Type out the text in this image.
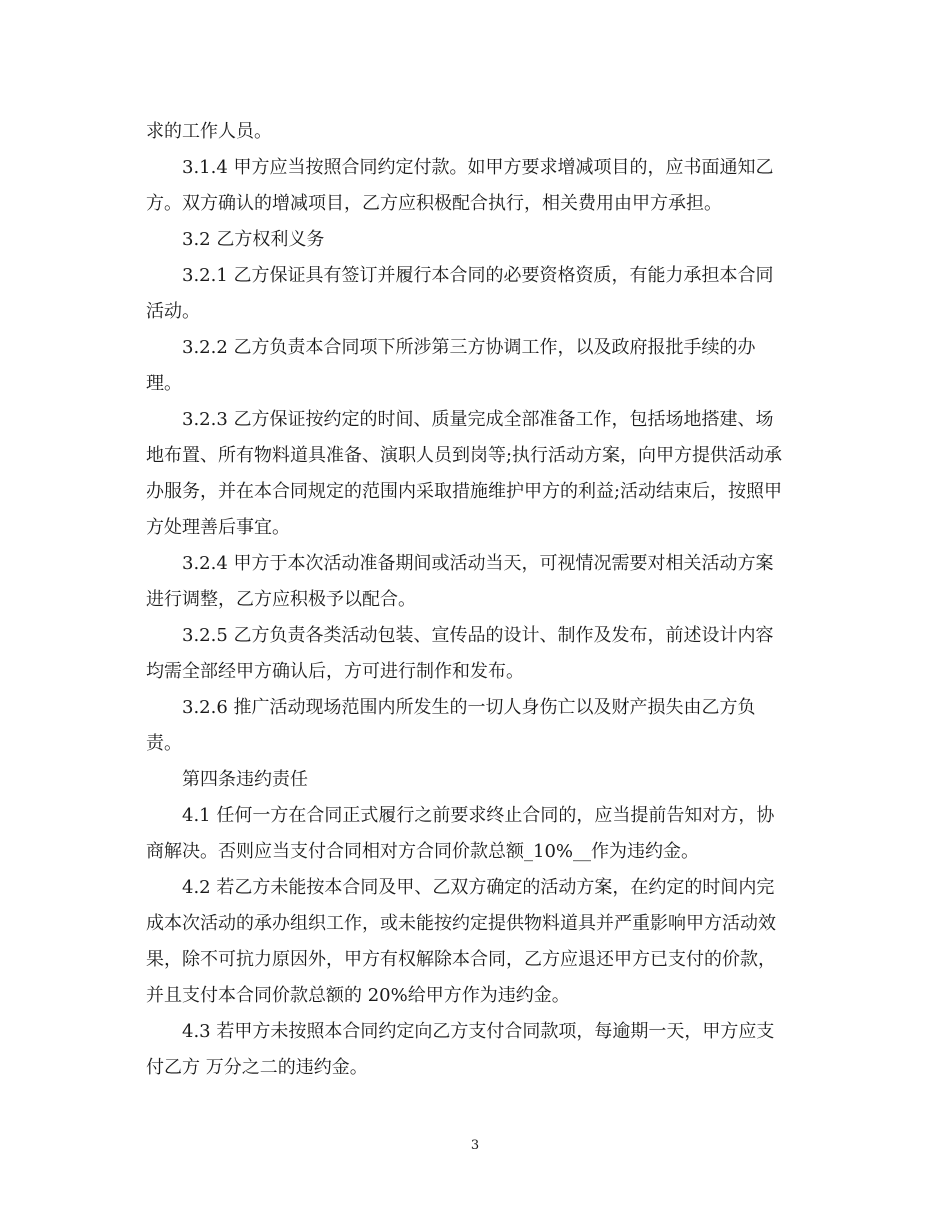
求的工作人员。
3.1.4 甲方应当按照合同约定付款。如甲方要求增减项目的，应书面通知乙
方。双方确认的增减项目，乙方应积极配合执行，相关费用由甲方承担。
3.2 乙方权利义务
3.2.1 乙方保证具有签订并履行本合同的必要资格资质，有能力承担本合同
活动。
3.2.2 乙方负责本合同项下所涉第三方协调工作，以及政府报批手续的办
理。
3.2.3 乙方保证按约定的时间、质量完成全部准备工作，包括场地搭建、场
地布置、所有物料道具准备、演职人员到岗等;执行活动方案，向甲方提供活动承
办服务，并在本合同规定的范围内采取措施维护甲方的利益;活动结束后，按照甲
方处理善后事宜。
3.2.4 甲方于本次活动准备期间或活动当天，可视情况需要对相关活动方案
进行调整，乙方应积极予以配合。
3.2.5 乙方负责各类活动包装、宣传品的设计、制作及发布，前述设计内容
均需全部经甲方确认后，方可进行制作和发布。
3.2.6 推广活动现场范围内所发生的一切人身伤亡以及财产损失由乙方负
责。
第四条违约责任
4.1 任何一方在合同正式履行之前要求终止合同的，应当提前告知对方，协
商解决。否则应当支付合同相对方合同价款总额_10%__作为违约金。
4.2 若乙方未能按本合同及甲、乙双方确定的活动方案，在约定的时间内完
成本次活动的承办组织工作，或未能按约定提供物料道具并严重影响甲方活动效
果，除不可抗力原因外，甲方有权解除本合同，乙方应退还甲方已支付的价款，
并且支付本合同价款总额的 20%给甲方作为违约金。
4.3 若甲方未按照本合同约定向乙方支付合同款项，每逾期一天，甲方应支
付乙方 万分之二的违约金。
3
